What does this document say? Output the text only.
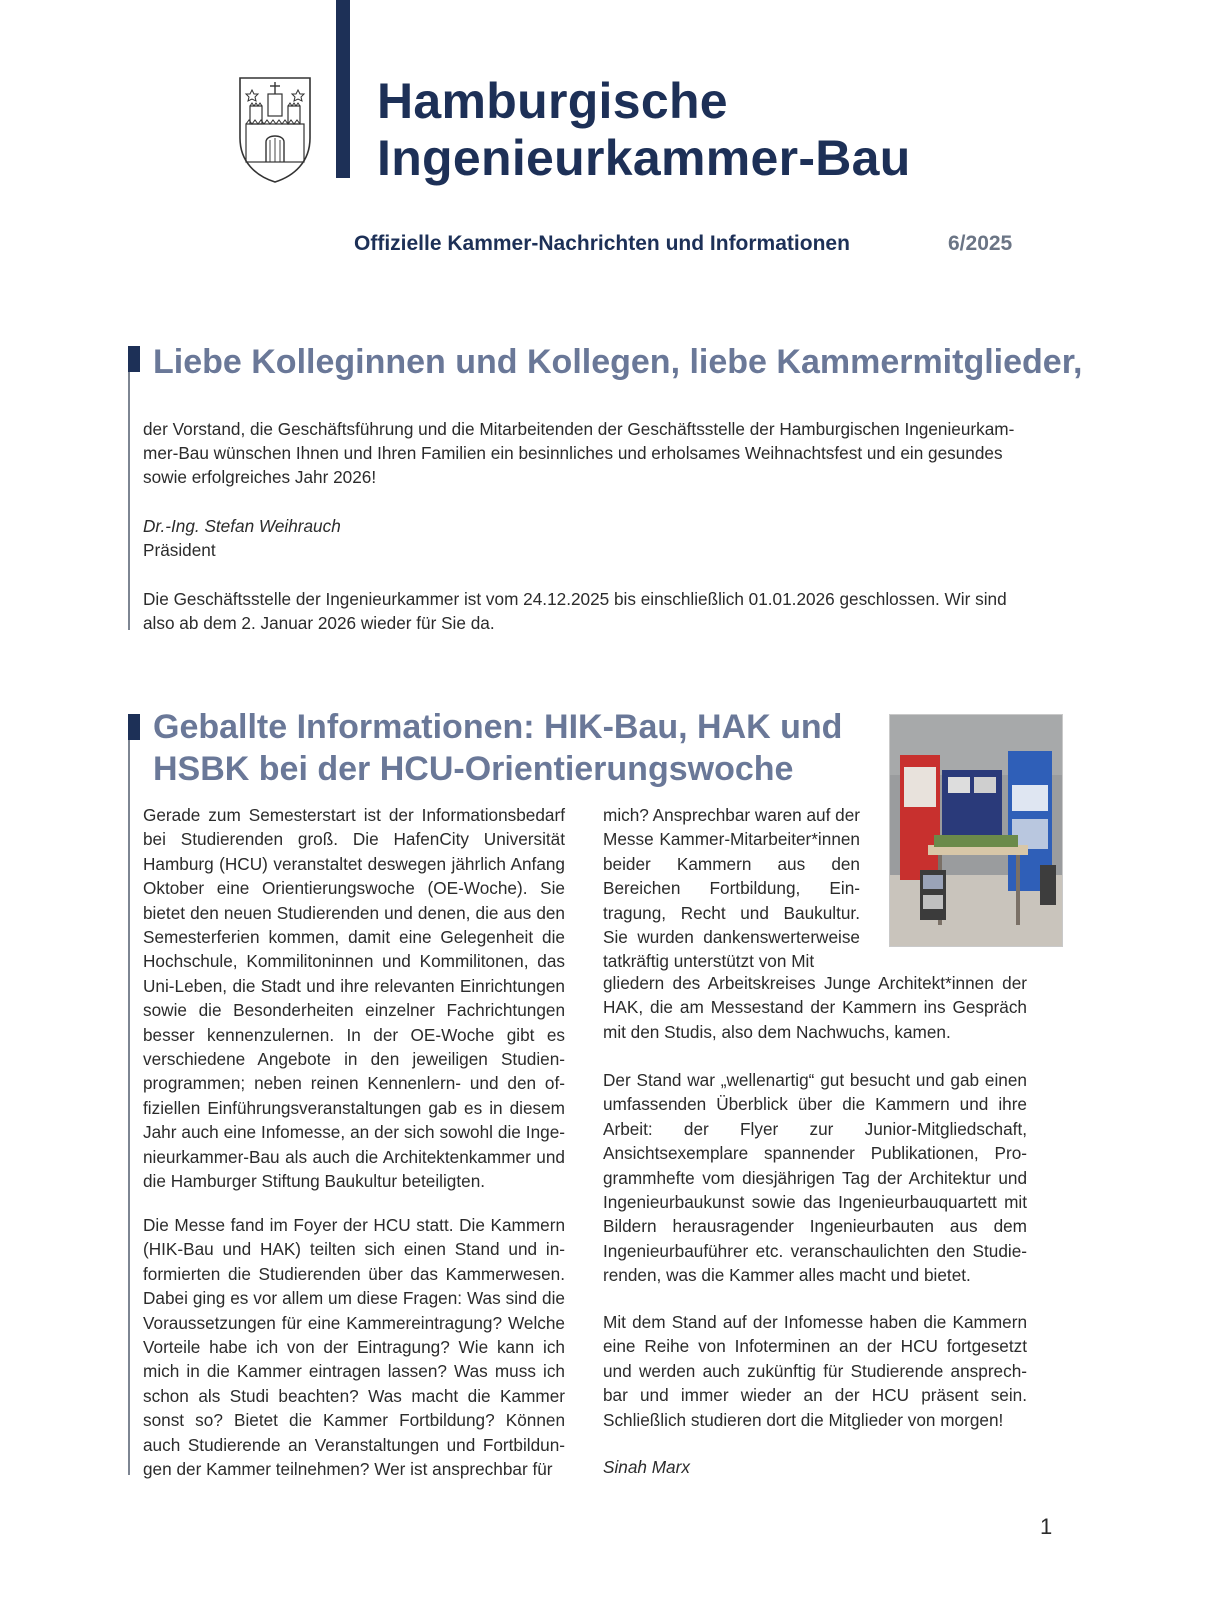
Hamburgische
Ingenieurkammer-Bau
Offizielle Kammer-Nachrichten und Informationen	6/2025
Liebe Kolleginnen und Kollegen, liebe Kammermitglieder,

der Vorstand, die Geschäftsführung und die Mitarbeitenden der Geschäftsstelle der Hamburgischen Ingenieurkam-

mer-Bau wünschen Ihnen und Ihren Familien ein besinnliches und erholsames Weihnachtsfest und ein gesundes

sowie erfolgreiches Jahr 2026!

Dr.-Ing. Stefan Weihrauch

Präsident

Die Geschäftsstelle der Ingenieurkammer ist vom 24.12.2025 bis einschließlich 01.01.2026 geschlossen. Wir sind

also ab dem 2. Januar 2026 wieder für Sie da.

Geballte Informationen: HIK-Bau, HAK und
HSBK bei der HCU-Orientierungswoche

Gerade zum Semesterstart ist der Informationsbedarf bei Studierenden groß. Die HafenCity Universität Hamburg (HCU) veranstaltet deswegen jährlich Anfang Oktober eine Orientierungswoche (OE-Woche). Sie bietet den neuen Studierenden und denen, die aus den Semesterferien kommen, damit eine Gelegenheit die Hochschule, Kommilitoninnen und Kommilitonen, das Uni-Leben, die Stadt und ihre relevanten Einrichtungen sowie die Besonderheiten einzelner Fachrichtungen besser kennenzulernen. In der OE-Woche gibt es verschiedene Angebote in den jeweiligen Studienprogrammen; neben reinen Kennenlern- und den offiziellen Einführungsveranstaltungen gab es in diesem Jahr auch eine Infomesse, an der sich sowohl die Ingenieurkammer-Bau als auch die Architektenkammer und die Hamburger Stiftung Baukultur beteiligten.

Die Messe fand im Foyer der HCU statt. Die Kammern (HIK-Bau und HAK) teilten sich einen Stand und informierten die Studierenden über das Kammerwesen. Dabei ging es vor allem um diese Fragen: Was sind die Voraussetzungen für eine Kammereintragung? Welche Vorteile habe ich von der Eintragung? Wie kann ich mich in die Kammer eintragen lassen? Was muss ich schon als Studi beachten? Was macht die Kammer sonst so? Bietet die Kammer Fortbildung? Können auch Studierende an Veranstaltungen und Fortbildungen der Kammer teilnehmen? Wer ist ansprechbar für

mich? Ansprechbar waren auf der Messe Kammer-Mitarbeiter*innen beider Kammern aus den Bereichen Fortbildung, Eintragung, Recht und Baukultur. Sie wurden dankenswerterweise tatkräftig unterstützt von Mit

gliedern des Arbeitskreises Junge Architekt*innen der HAK, die am Messestand der Kammern ins Gespräch mit den Studis, also dem Nachwuchs, kamen.

Der Stand war „wellenartig“ gut besucht und gab einen umfassenden Überblick über die Kammern und ihre Arbeit: der Flyer zur Junior-Mitgliedschaft, Ansichtsexemplare spannender Publikationen, Programmhefte vom diesjährigen Tag der Architektur und Ingenieurbaukunst sowie das Ingenieurbauquartett mit Bildern herausragender Ingenieurbauten aus dem Ingenieurbauführer etc. veranschaulichten den Studierenden, was die Kammer alles macht und bietet.

Mit dem Stand auf der Infomesse haben die Kammern eine Reihe von Infoterminen an der HCU fortgesetzt und werden auch zukünftig für Studierende ansprechbar und immer wieder an der HCU präsent sein. Schließlich studieren dort die Mitglieder von morgen!

Sinah Marx

1
